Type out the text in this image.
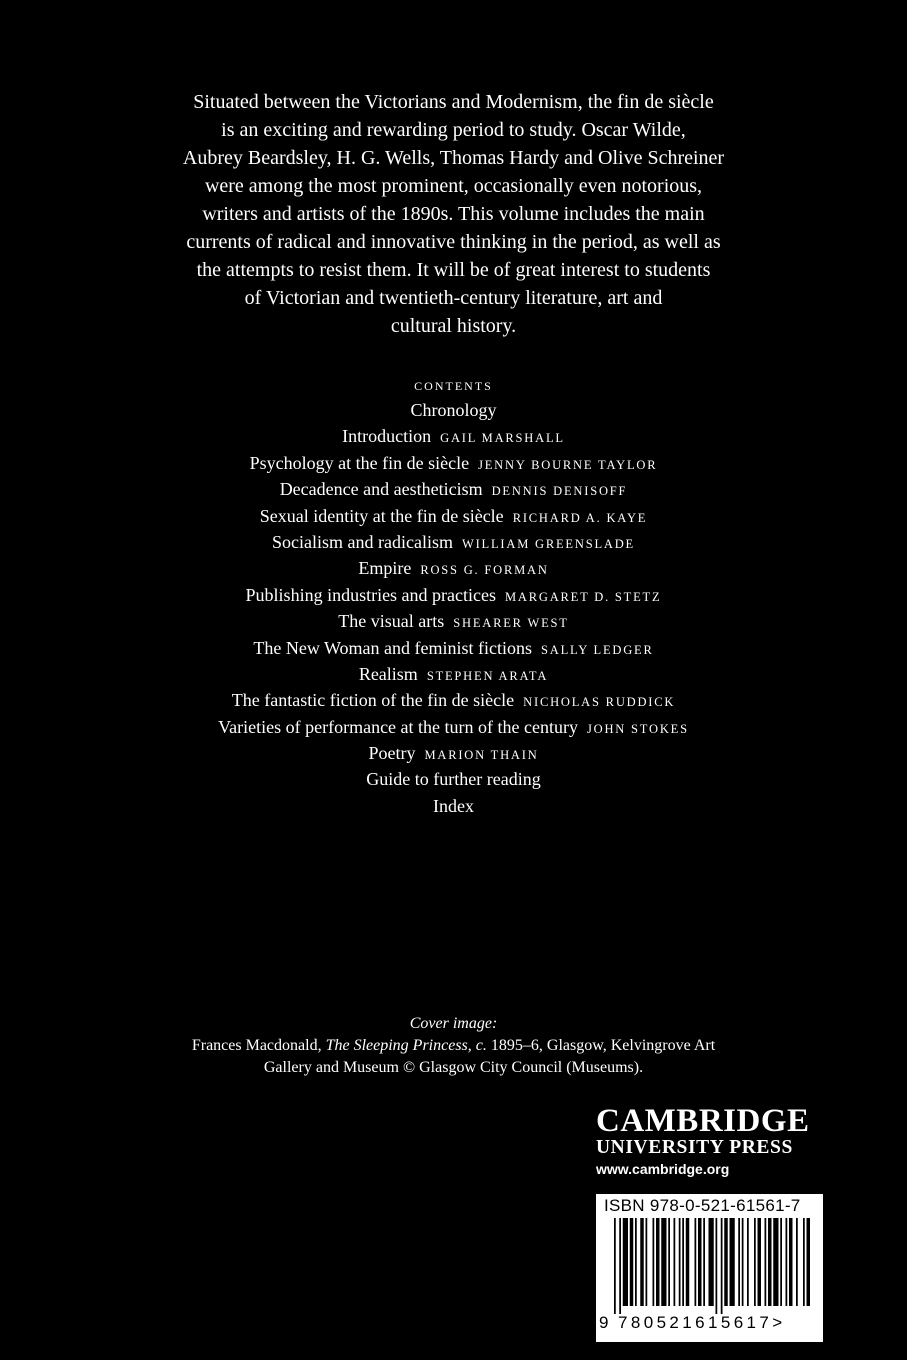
Situated between the Victorians and Modernism, the fin de siècle
is an exciting and rewarding period to study. Oscar Wilde,
Aubrey Beardsley, H. G. Wells, Thomas Hardy and Olive Schreiner
were among the most prominent, occasionally even notorious,
writers and artists of the 1890s. This volume includes the main
currents of radical and innovative thinking in the period, as well as
the attempts to resist them. It will be of great interest to students
of Victorian and twentieth-century literature, art and
cultural history.
CONTENTS
Chronology
Introduction GAIL MARSHALL
Psychology at the fin de siècle JENNY BOURNE TAYLOR
Decadence and aestheticism DENNIS DENISOFF
Sexual identity at the fin de siècle RICHARD A. KAYE
Socialism and radicalism WILLIAM GREENSLADE
Empire ROSS G. FORMAN
Publishing industries and practices MARGARET D. STETZ
The visual arts SHEARER WEST
The New Woman and feminist fictions SALLY LEDGER
Realism STEPHEN ARATA
The fantastic fiction of the fin de siècle NICHOLAS RUDDICK
Varieties of performance at the turn of the century JOHN STOKES
Poetry MARION THAIN
Guide to further reading
Index
Cover image:
Frances Macdonald, The Sleeping Princess, c. 1895–6, Glasgow, Kelvingrove Art
Gallery and Museum © Glasgow City Council (Museums).
CAMBRIDGE
UNIVERSITY PRESS
www.cambridge.org
ISBN 978-0-521-61561-7
9 780521615617>
